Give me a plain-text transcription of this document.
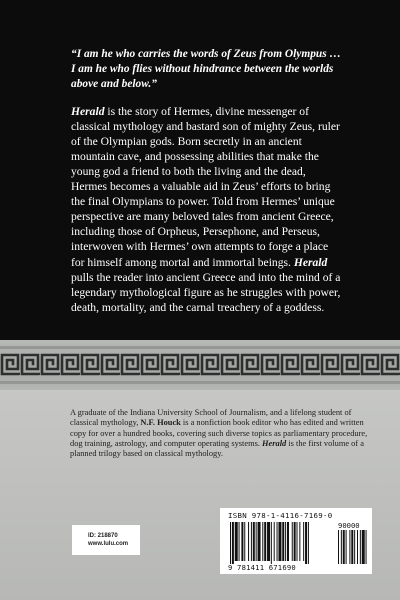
“I am he who carries the words of Zeus from Olympus … I am he who flies without hindrance between the worlds above and below.”

Herald is the story of Hermes, divine messenger of classical mythology and bastard son of mighty Zeus, ruler of the Olympian gods. Born secretly in an ancient mountain cave, and possessing abilities that make the young god a friend to both the living and the dead, Hermes becomes a valuable aid in Zeus’ efforts to bring the final Olympians to power. Told from Hermes’ unique perspective are many beloved tales from ancient Greece, including those of Orpheus, Persephone, and Perseus, interwoven with Hermes’ own attempts to forge a place for himself among mortal and immortal beings. Herald pulls the reader into ancient Greece and into the mind of a legendary mythological figure as he struggles with power, death, mortality, and the carnal treachery of a goddess.

A graduate of the Indiana University School of Journalism, and a lifelong student of classical mythology, N.F. Houck is a nonfiction book editor who has edited and written copy for over a hundred books, covering such diverse topics as parliamentary procedure, dog training, astrology, and computer operating systems. Herald is the first volume of a planned trilogy based on classical mythology.

ID: 218870
www.lulu.com
ISBN 978-1-4116-7169-0
90000
9 781411 671690
